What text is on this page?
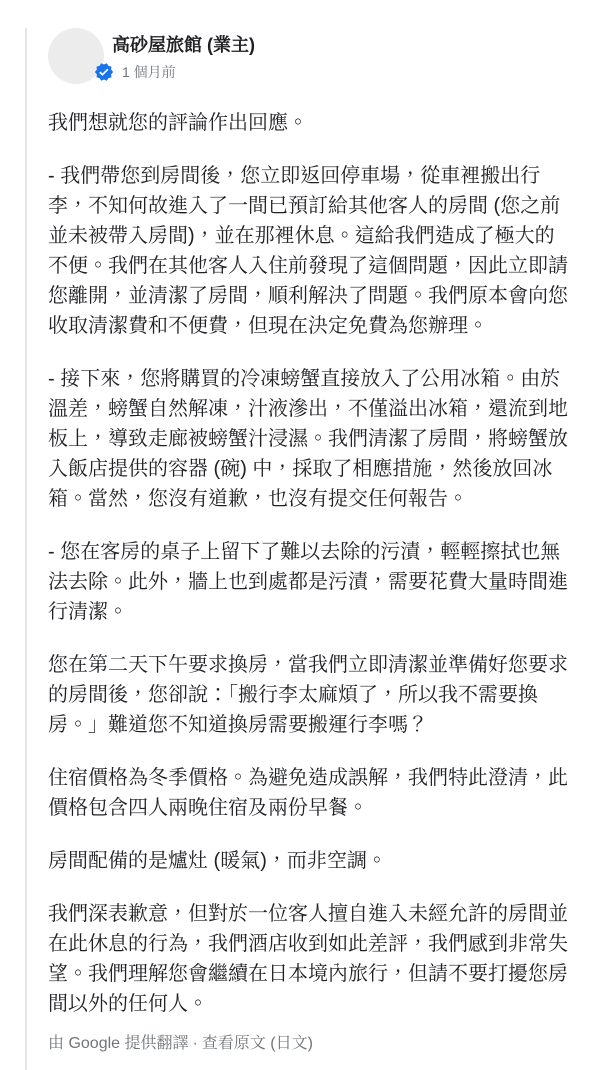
高砂屋旅館 (業主)
1 個月前

我們想就您的評論作出回應。

- 我們帶您到房間後，您立即返回停車場，從車裡搬出行李，不知何故進入了一間已預訂給其他客人的房間 (您之前並未被帶入房間)，並在那裡休息。這給我們造成了極大的不便。我們在其他客人入住前發現了這個問題，因此立即請您離開，並清潔了房間，順利解決了問題。我們原本會向您收取清潔費和不便費，但現在決定免費為您辦理。

- 接下來，您將購買的冷凍螃蟹直接放入了公用冰箱。由於溫差，螃蟹自然解凍，汁液滲出，不僅溢出冰箱，還流到地板上，導致走廊被螃蟹汁浸濕。我們清潔了房間，將螃蟹放入飯店提供的容器 (碗) 中，採取了相應措施，然後放回冰箱。當然，您沒有道歉，也沒有提交任何報告。

- 您在客房的桌子上留下了難以去除的污漬，輕輕擦拭也無法去除。此外，牆上也到處都是污漬，需要花費大量時間進行清潔。

您在第二天下午要求換房，當我們立即清潔並準備好您要求的房間後，您卻說：「搬行李太麻煩了，所以我不需要換房。」難道您不知道換房需要搬運行李嗎？

住宿價格為冬季價格。為避免造成誤解，我們特此澄清，此價格包含四人兩晚住宿及兩份早餐。

房間配備的是爐灶 (暖氣)，而非空調。

我們深表歉意，但對於一位客人擅自進入未經允許的房間並在此休息的行為，我們酒店收到如此差評，我們感到非常失望。我們理解您會繼續在日本境內旅行，但請不要打擾您房間以外的任何人。

由 Google 提供翻譯 · 查看原文 (日文)
